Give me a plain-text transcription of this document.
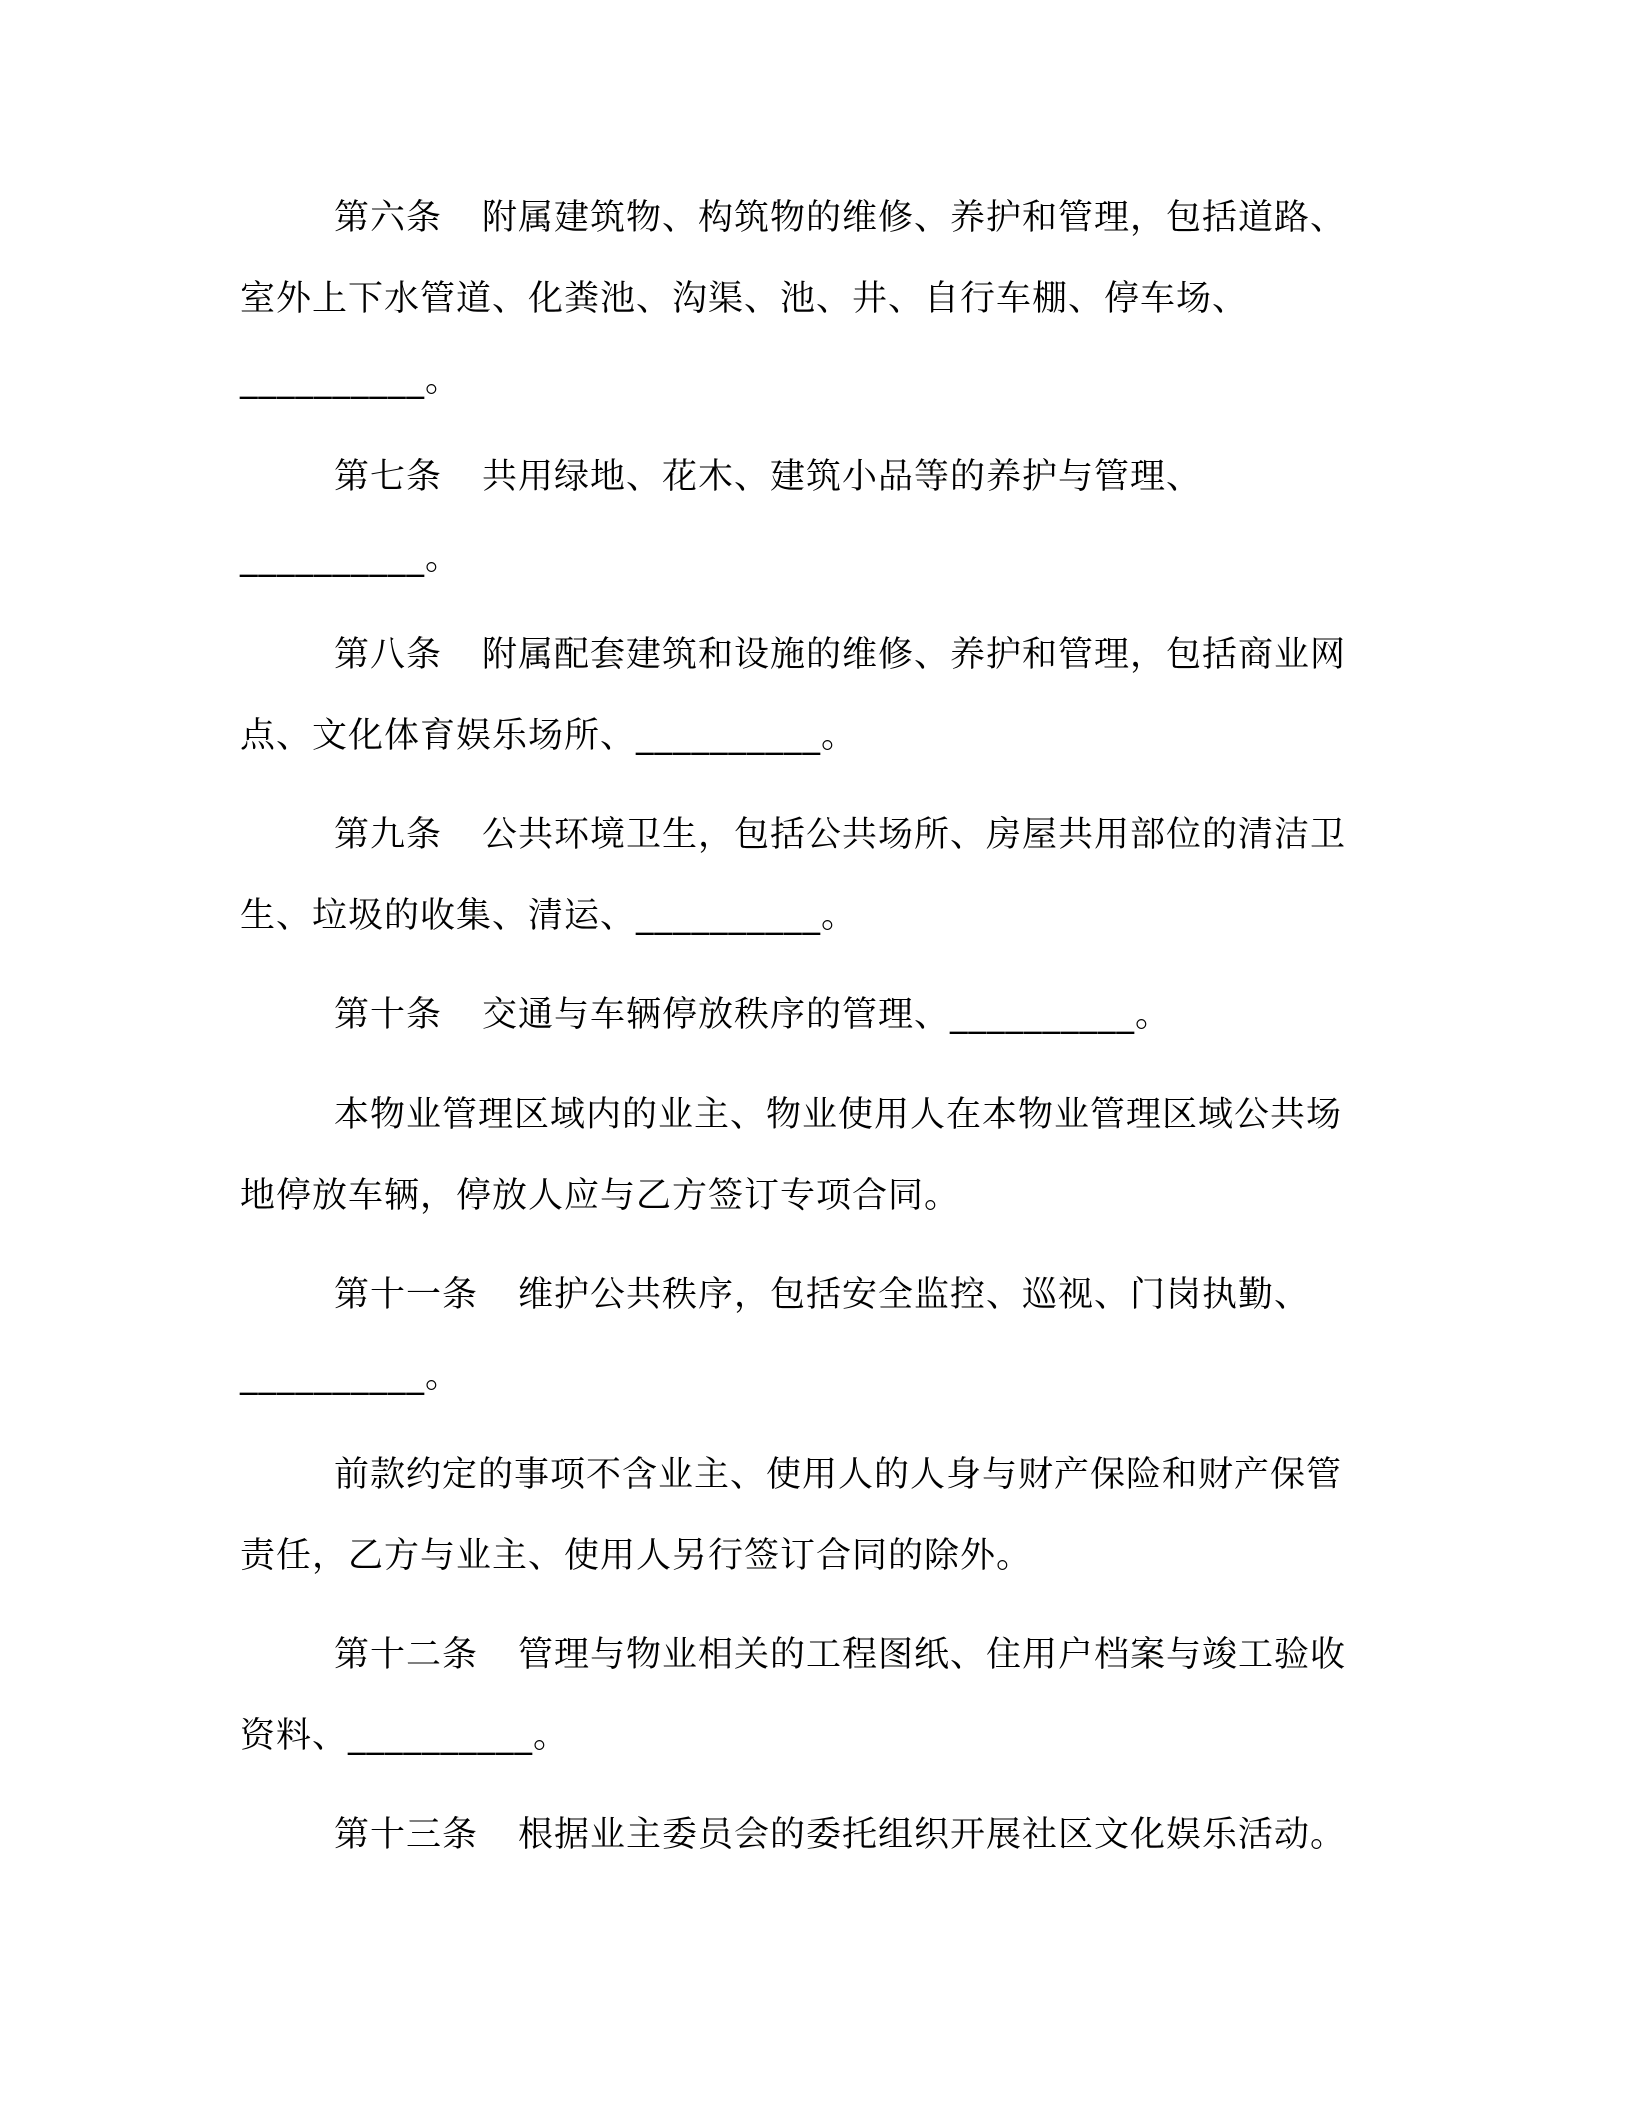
第六条 附属建筑物、构筑物的维修、养护和管理，包括道路、
室外上下水管道、化粪池、沟渠、池、井、自行车棚、停车场、
__________。
第七条 共用绿地、花木、建筑小品等的养护与管理、
__________。
第八条 附属配套建筑和设施的维修、养护和管理，包括商业网
点、文化体育娱乐场所、__________。
第九条 公共环境卫生，包括公共场所、房屋共用部位的清洁卫
生、垃圾的收集、清运、__________。
第十条 交通与车辆停放秩序的管理、__________。
本物业管理区域内的业主、物业使用人在本物业管理区域公共场
地停放车辆，停放人应与乙方签订专项合同。
第十一条 维护公共秩序，包括安全监控、巡视、门岗执勤、
__________。
前款约定的事项不含业主、使用人的人身与财产保险和财产保管
责任，乙方与业主、使用人另行签订合同的除外。
第十二条 管理与物业相关的工程图纸、住用户档案与竣工验收
资料、__________。
第十三条 根据业主委员会的委托组织开展社区文化娱乐活动。
